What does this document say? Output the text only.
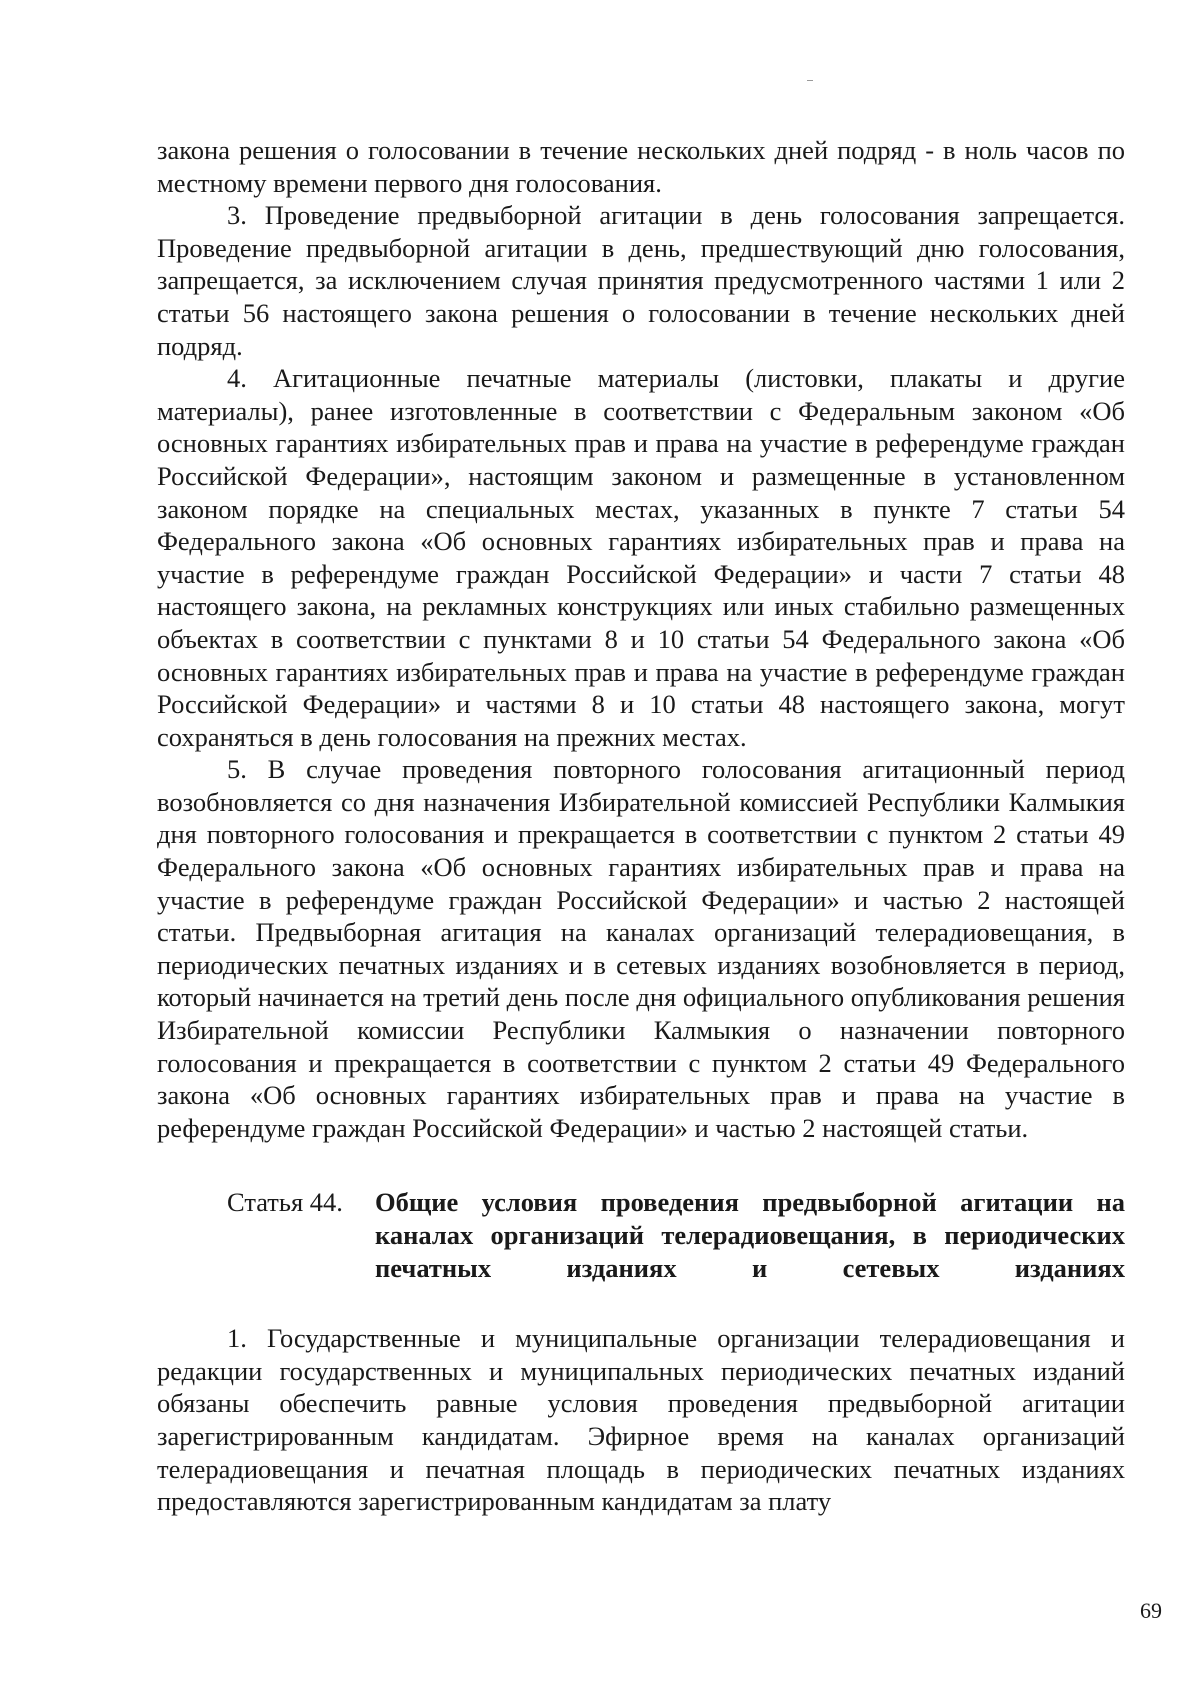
закона решения о голосовании в течение нескольких дней подряд - в ноль часов по местному времени первого дня голосования.

3. Проведение предвыборной агитации в день голосования запрещается. Проведение предвыборной агитации в день, предшествующий дню голосования, запрещается, за исключением случая принятия предусмотренного частями 1 или 2 статьи 56 настоящего закона решения о голосовании в течение нескольких дней подряд.

4. Агитационные печатные материалы (листовки, плакаты и другие материалы), ранее изготовленные в соответствии с Федеральным законом «Об основных гарантиях избирательных прав и права на участие в референдуме граждан Российской Федерации», настоящим законом и размещенные в установленном законом порядке на специальных местах, указанных в пункте 7 статьи 54 Федерального закона «Об основных гарантиях избирательных прав и права на участие в референдуме граждан Российской Федерации» и части 7 статьи 48 настоящего закона, на рекламных конструкциях или иных стабильно размещенных объектах в соответствии с пунктами 8 и 10 статьи 54 Федерального закона «Об основных гарантиях избирательных прав и права на участие в референдуме граждан Российской Федерации» и частями 8 и 10 статьи 48 настоящего закона, могут сохраняться в день голосования на прежних местах.

5. В случае проведения повторного голосования агитационный период возобновляется со дня назначения Избирательной комиссией Республики Калмыкия дня повторного голосования и прекращается в соответствии с пунктом 2 статьи 49 Федерального закона «Об основных гарантиях избирательных прав и права на участие в референдуме граждан Российской Федерации» и частью 2 настоящей статьи. Предвыборная агитация на каналах организаций телерадиовещания, в периодических печатных изданиях и в сетевых изданиях возобновляется в период, который начинается на третий день после дня официального опубликования решения Избирательной комиссии Республики Калмыкия о назначении повторного голосования и прекращается в соответствии с пунктом 2 статьи 49 Федерального закона «Об основных гарантиях избирательных прав и права на участие в референдуме граждан Российской Федерации» и частью 2 настоящей статьи.

Статья 44. Общие условия проведения предвыборной агитации на каналах организаций телерадиовещания, в периодических печатных изданиях и сетевых изданиях

1. Государственные и муниципальные организации телерадиовещания и редакции государственных и муниципальных периодических печатных изданий обязаны обеспечить равные условия проведения предвыборной агитации зарегистрированным кандидатам. Эфирное время на каналах организаций телерадиовещания и печатная площадь в периодических печатных изданиях предоставляются зарегистрированным кандидатам за плату

69
